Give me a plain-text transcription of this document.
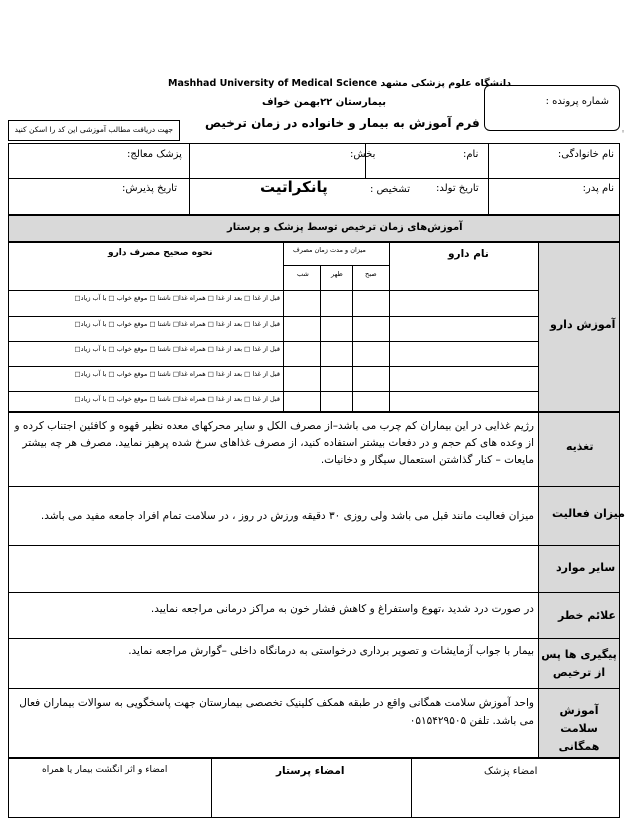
دانشگاه علوم پزشکی مشهد Mashhad University of Medical Science
بیمارستان ۲۲بهمن خواف
فرم آموزش به بیمار و خانواده در زمان ترخیص
شماره پرونده :
◦
جهت دریافت مطالب آموزشی این کد را اسکن کنید
نام خانوادگی:
نام:
بخش:
پزشک معالج:
نام پدر:
تاریخ تولد:
تشخیص :
پانکراتیت
تاریخ پذیرش:
آموزش‌های زمان ترخیص توسط پزشک و پرستار
آموزش دارو
نام دارو
میزان و مدت زمان مصرف
صبح
ظهر
شب
نحوه صحیح مصرف دارو
قبل از غذا □ بعد از غذا □ همراه غذا□ ناشتا □ موقع خواب □ با آب زیاد□
قبل از غذا □ بعد از غذا □ همراه غذا□ ناشتا □ موقع خواب □ با آب زیاد□
قبل از غذا □ بعد از غذا □ همراه غذا□ ناشتا □ موقع خواب □ با آب زیاد□
قبل از غذا □ بعد از غذا □ همراه غذا□ ناشتا □ موقع خواب □ با آب زیاد□
قبل از غذا □ بعد از غذا □ همراه غذا□ ناشتا □ موقع خواب □ با آب زیاد□
تغذیه
رژیم غذایی در این بیماران کم چرب می باشد–از مصرف الکل و سایر محرکهای معده نظیر قهوه و کافئین اجتناب کرده و از وعده های کم حجم و در دفعات بیشتر استفاده کنید، از مصرف غذاهای سرخ شده پرهیز نمایید. مصرف هر چه بیشتر مایعات – کنار گذاشتن استعمال سیگار و دخانیات.
میزان فعالیت
میزان فعالیت مانند قبل می باشد ولی روزی ۳۰ دقیقه ورزش در روز ، در سلامت تمام افراد جامعه مفید می باشد.
سایر موارد
علائم خطر
در صورت درد شدید ،تهوع واستفراغ و کاهش فشار خون به مراکز درمانی مراجعه نمایید.
پیگیری ها پس از ترخیص
بیمار با جواب آزمایشات و تصویر برداری درخواستی به درمانگاه داخلی –گوارش مراجعه نماید.
آموزش سلامت همگانی
واحد آموزش سلامت همگانی واقع در طبقه همکف کلینیک تخصصی بیمارستان جهت پاسخگویی به سوالات بیماران فعال می باشد. تلفن ۰۵۱۵۴۲۹۵۰۵
امضاء پزشک
امضاء پرستار
امضاء و اثر انگشت بیمار یا همراه
